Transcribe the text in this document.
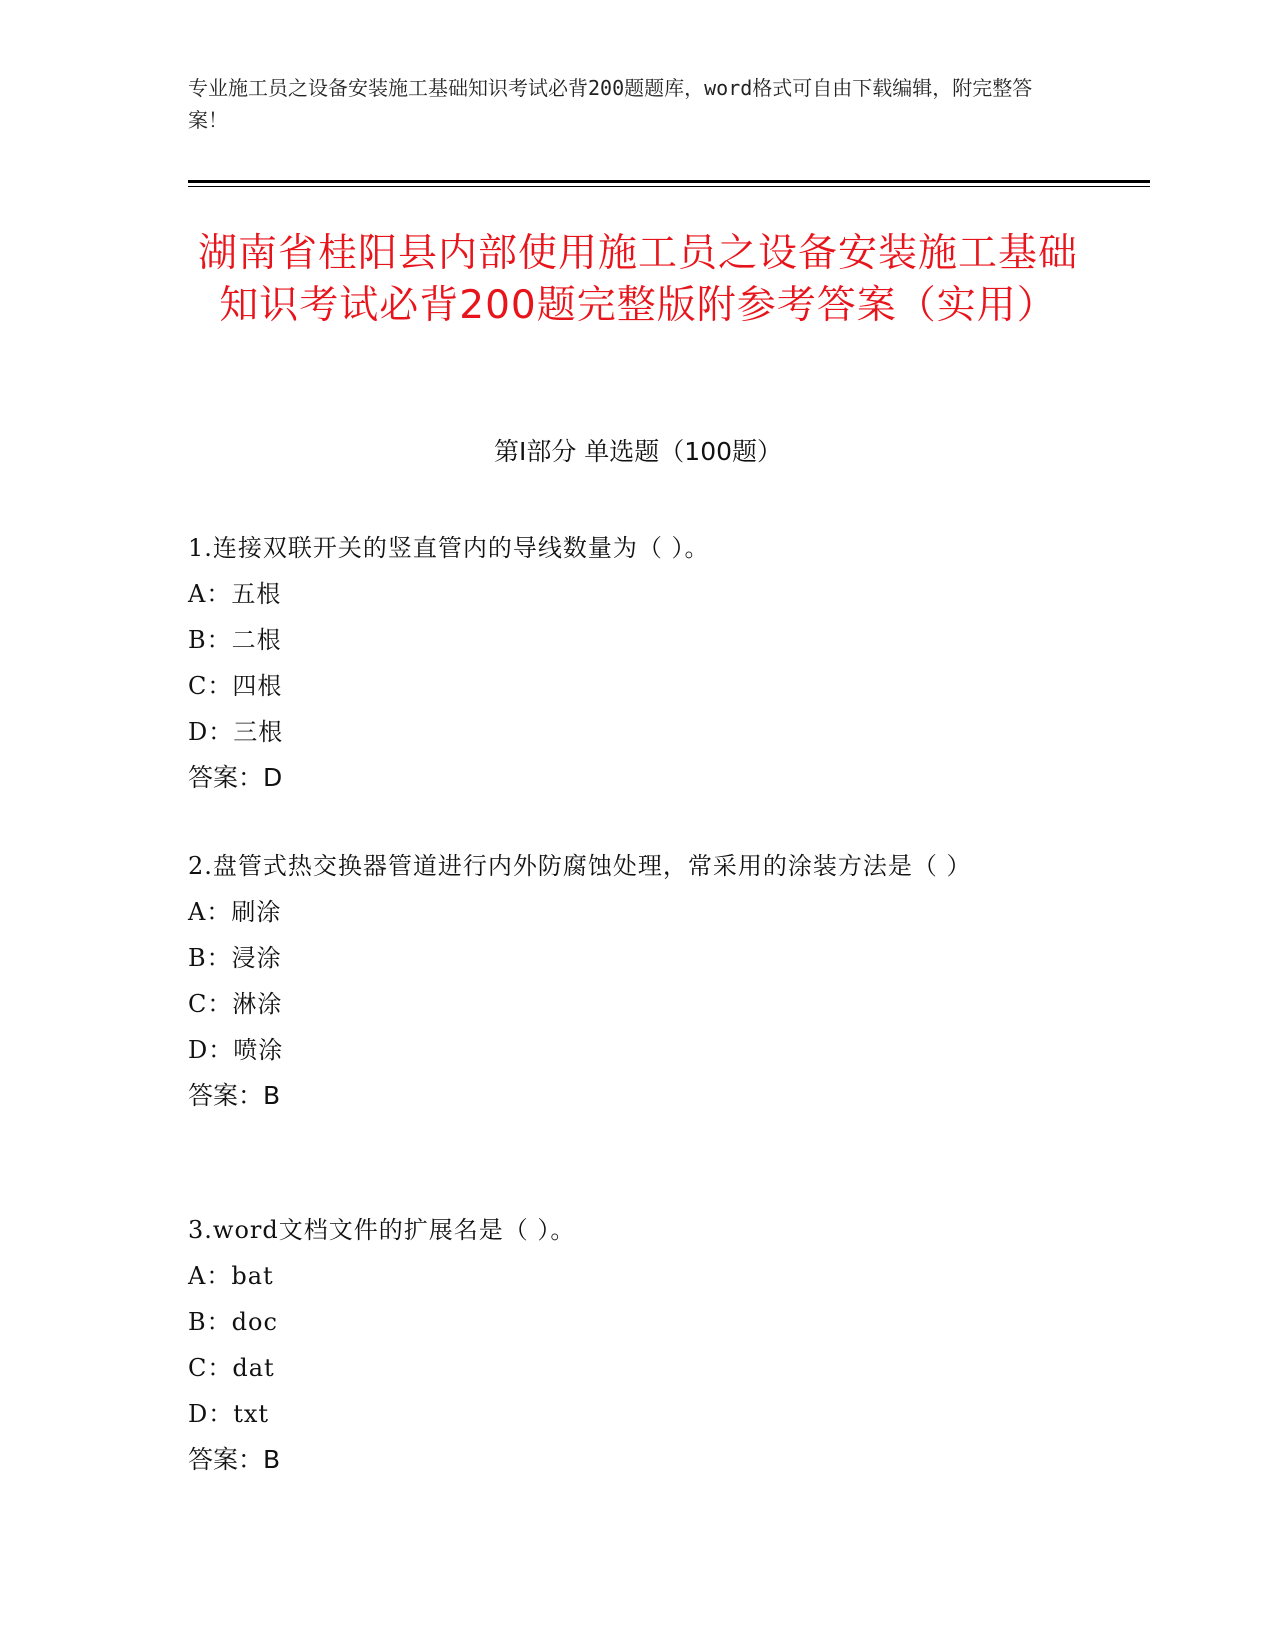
专业施工员之设备安装施工基础知识考试必背200题题库，word格式可自由下载编辑，附完整答案！
湖南省桂阳县内部使用施工员之设备安装施工基础知识考试必背200题完整版附参考答案（实用）
第I部分 单选题（100题）

1.连接双联开关的竖直管内的导线数量为（ ）。

A：五根

B：二根

C：四根

D：三根

答案：D

2.盘管式热交换器管道进行内外防腐蚀处理，常采用的涂装方法是（ ）

A：刷涂

B：浸涂

C：淋涂

D：喷涂

答案：B

3.word文档文件的扩展名是（ ）。

A：bat

B：doc

C：dat

D：txt

答案：B
